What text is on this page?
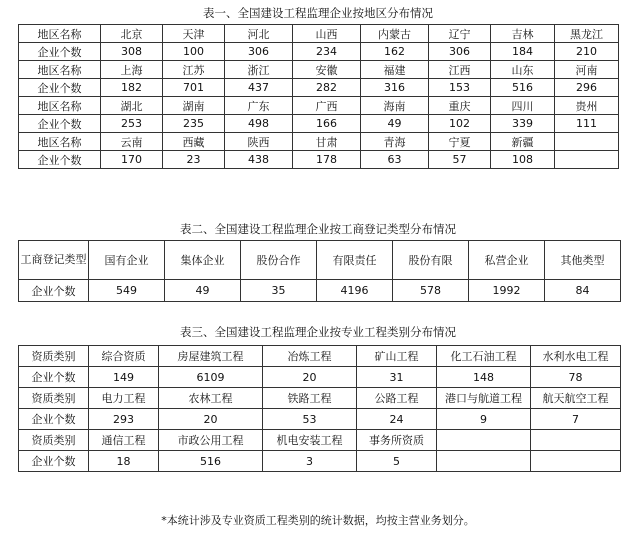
表一、全国建设工程监理企业按地区分布情况
地区名称	北京	天津	河北	山西	内蒙古	辽宁	吉林	黑龙江
企业个数	308	100	306	234	162	306	184	210
地区名称	上海	江苏	浙江	安徽	福建	江西	山东	河南
企业个数	182	701	437	282	316	153	516	296
地区名称	湖北	湖南	广东	广西	海南	重庆	四川	贵州
企业个数	253	235	498	166	49	102	339	111
地区名称	云南	西藏	陕西	甘肃	青海	宁夏	新疆	
企业个数	170	23	438	178	63	57	108	
表二、全国建设工程监理企业按工商登记类型分布情况
工商登记类型	国有企业	集体企业	股份合作	有限责任	股份有限	私营企业	其他类型
企业个数	549	49	35	4196	578	1992	84
表三、全国建设工程监理企业按专业工程类别分布情况
资质类别	综合资质	房屋建筑工程	冶炼工程	矿山工程	化工石油工程	水利水电工程
企业个数	149	6109	20	31	148	78
资质类别	电力工程	农林工程	铁路工程	公路工程	港口与航道工程	航天航空工程
企业个数	293	20	53	24	9	7
资质类别	通信工程	市政公用工程	机电安装工程	事务所资质		
企业个数	18	516	3	5		
*本统计涉及专业资质工程类别的统计数据，均按主营业务划分。
